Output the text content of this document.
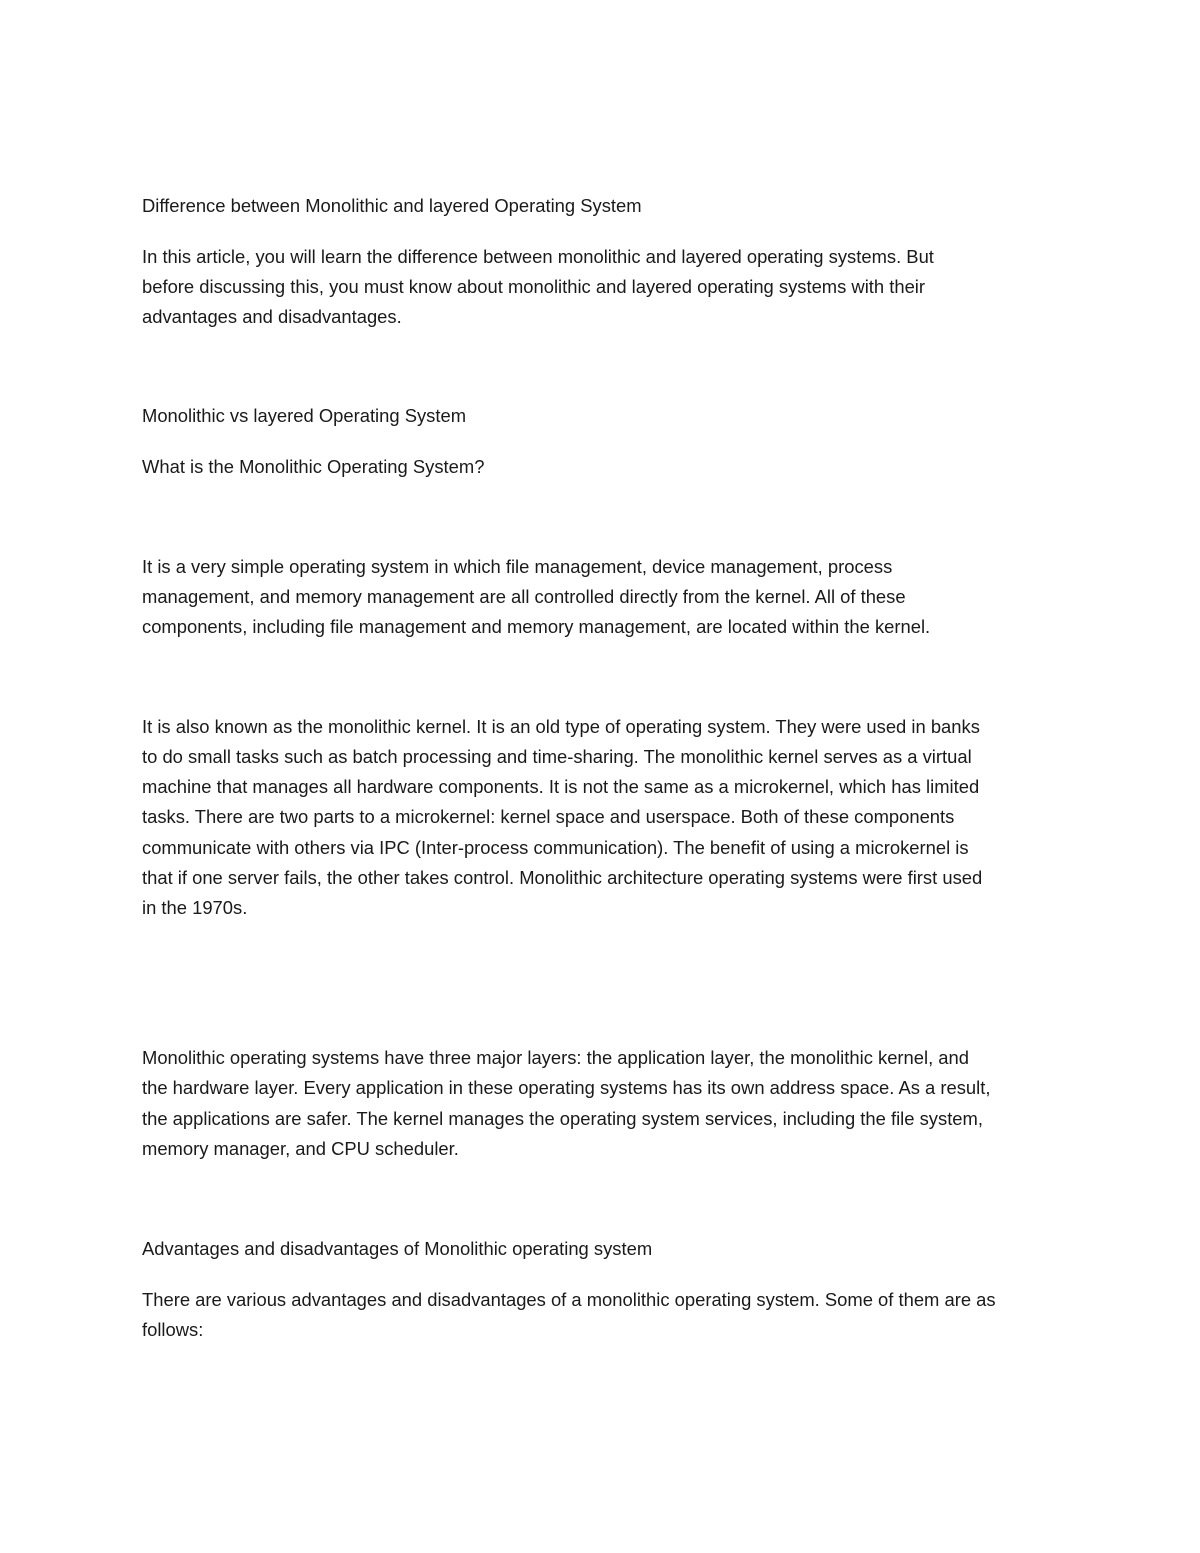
Difference between Monolithic and layered Operating System
In this article, you will learn the difference between monolithic and layered operating systems. But
before discussing this, you must know about monolithic and layered operating systems with their
advantages and disadvantages.
Monolithic vs layered Operating System
What is the Monolithic Operating System?
It is a very simple operating system in which file management, device management, process
management, and memory management are all controlled directly from the kernel. All of these
components, including file management and memory management, are located within the kernel.
It is also known as the monolithic kernel. It is an old type of operating system. They were used in banks
to do small tasks such as batch processing and time-sharing. The monolithic kernel serves as a virtual
machine that manages all hardware components. It is not the same as a microkernel, which has limited
tasks. There are two parts to a microkernel: kernel space and userspace. Both of these components
communicate with others via IPC (Inter-process communication). The benefit of using a microkernel is
that if one server fails, the other takes control. Monolithic architecture operating systems were first used
in the 1970s.
Monolithic operating systems have three major layers: the application layer, the monolithic kernel, and
the hardware layer. Every application in these operating systems has its own address space. As a result,
the applications are safer. The kernel manages the operating system services, including the file system,
memory manager, and CPU scheduler.
Advantages and disadvantages of Monolithic operating system
There are various advantages and disadvantages of a monolithic operating system. Some of them are as
follows:
